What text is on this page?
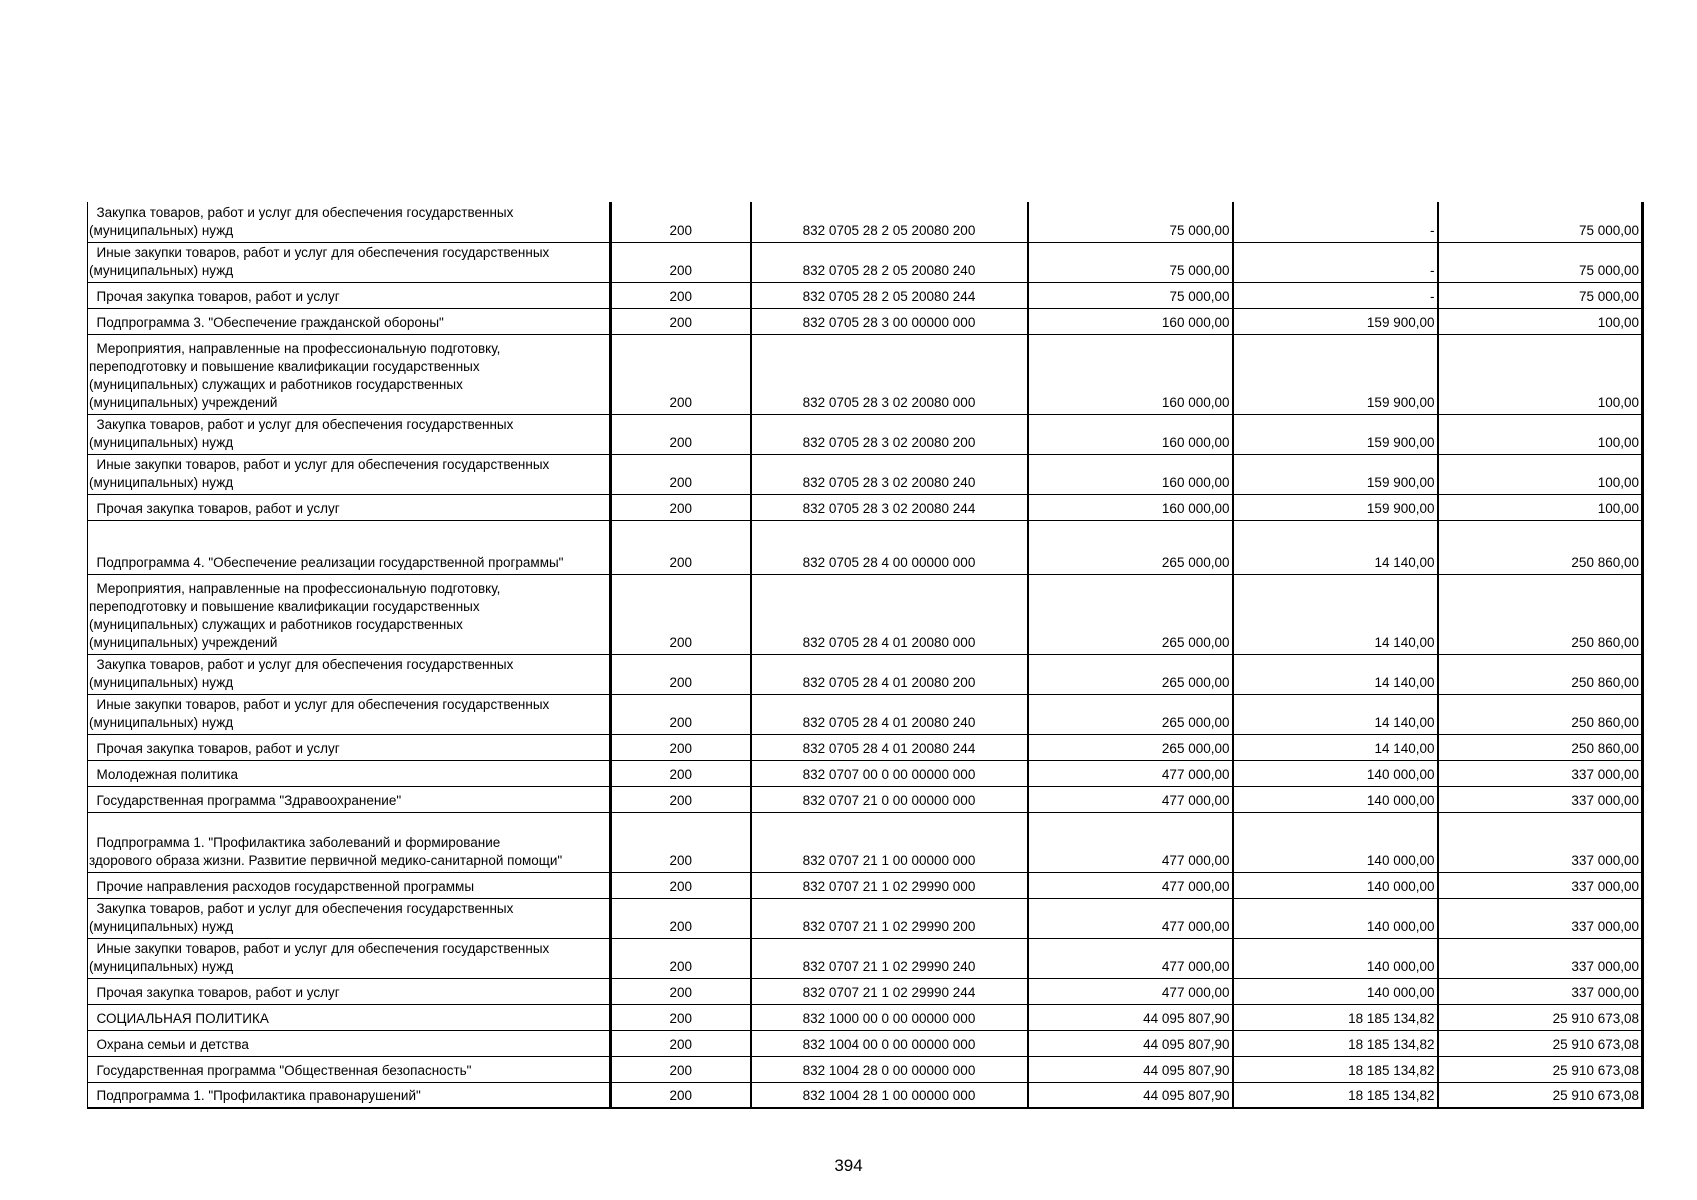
Закупка товаров, работ и услуг для обеспечения государственных
(муниципальных) нужд	200	832 0705 28 2 05 20080 200	75 000,00	-	75 000,00

Иные закупки товаров, работ и услуг для обеспечения государственных
(муниципальных) нужд	200	832 0705 28 2 05 20080 240	75 000,00	-	75 000,00

Прочая закупка товаров, работ и услуг	200	832 0705 28 2 05 20080 244	75 000,00	-	75 000,00

Подпрограмма 3. "Обеспечение гражданской обороны"	200	832 0705 28 3 00 00000 000	160 000,00	159 900,00	100,00

Мероприятия, направленные на профессиональную подготовку,
переподготовку и повышение квалификации государственных
(муниципальных) служащих и работников государственных
(муниципальных) учреждений	200	832 0705 28 3 02 20080 000	160 000,00	159 900,00	100,00

Закупка товаров, работ и услуг для обеспечения государственных
(муниципальных) нужд	200	832 0705 28 3 02 20080 200	160 000,00	159 900,00	100,00

Иные закупки товаров, работ и услуг для обеспечения государственных
(муниципальных) нужд	200	832 0705 28 3 02 20080 240	160 000,00	159 900,00	100,00

Прочая закупка товаров, работ и услуг	200	832 0705 28 3 02 20080 244	160 000,00	159 900,00	100,00

Подпрограмма 4. "Обеспечение реализации государственной программы"	200	832 0705 28 4 00 00000 000	265 000,00	14 140,00	250 860,00

Мероприятия, направленные на профессиональную подготовку,
переподготовку и повышение квалификации государственных
(муниципальных) служащих и работников государственных
(муниципальных) учреждений	200	832 0705 28 4 01 20080 000	265 000,00	14 140,00	250 860,00

Закупка товаров, работ и услуг для обеспечения государственных
(муниципальных) нужд	200	832 0705 28 4 01 20080 200	265 000,00	14 140,00	250 860,00

Иные закупки товаров, работ и услуг для обеспечения государственных
(муниципальных) нужд	200	832 0705 28 4 01 20080 240	265 000,00	14 140,00	250 860,00

Прочая закупка товаров, работ и услуг	200	832 0705 28 4 01 20080 244	265 000,00	14 140,00	250 860,00

Молодежная политика	200	832 0707 00 0 00 00000 000	477 000,00	140 000,00	337 000,00

Государственная программа "Здравоохранение"	200	832 0707 21 0 00 00000 000	477 000,00	140 000,00	337 000,00

Подпрограмма 1. "Профилактика заболеваний и формирование
здорового образа жизни. Развитие первичной медико-санитарной помощи"	200	832 0707 21 1 00 00000 000	477 000,00	140 000,00	337 000,00

Прочие направления расходов государственной программы	200	832 0707 21 1 02 29990 000	477 000,00	140 000,00	337 000,00

Закупка товаров, работ и услуг для обеспечения государственных
(муниципальных) нужд	200	832 0707 21 1 02 29990 200	477 000,00	140 000,00	337 000,00

Иные закупки товаров, работ и услуг для обеспечения государственных
(муниципальных) нужд	200	832 0707 21 1 02 29990 240	477 000,00	140 000,00	337 000,00

Прочая закупка товаров, работ и услуг	200	832 0707 21 1 02 29990 244	477 000,00	140 000,00	337 000,00

СОЦИАЛЬНАЯ ПОЛИТИКА	200	832 1000 00 0 00 00000 000	44 095 807,90	18 185 134,82	25 910 673,08

Охрана семьи и детства	200	832 1004 00 0 00 00000 000	44 095 807,90	18 185 134,82	25 910 673,08

Государственная программа "Общественная безопасность"	200	832 1004 28 0 00 00000 000	44 095 807,90	18 185 134,82	25 910 673,08

Подпрограмма 1. "Профилактика правонарушений"	200	832 1004 28 1 00 00000 000	44 095 807,90	18 185 134,82	25 910 673,08
394
